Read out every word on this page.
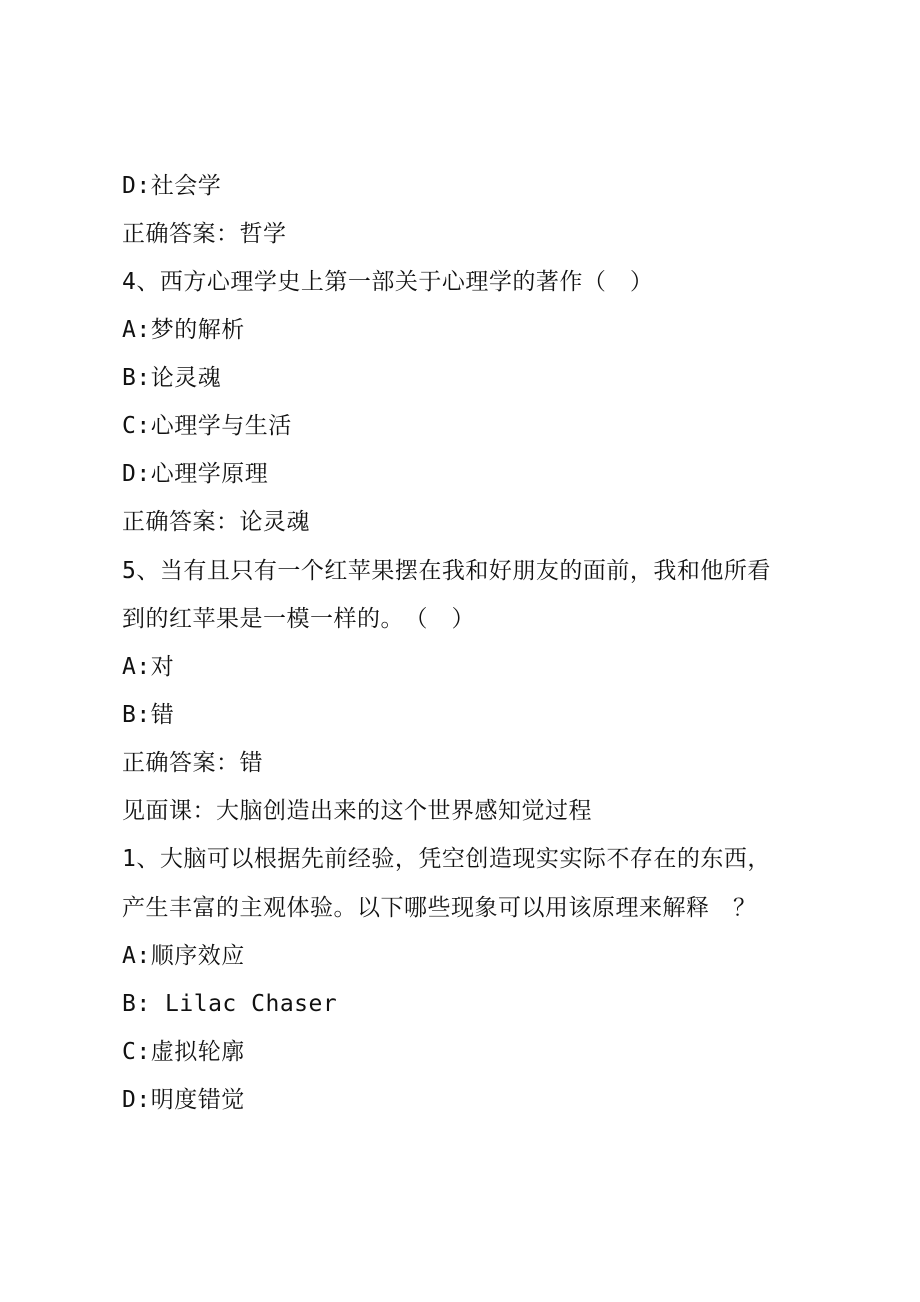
D:社会学
正确答案：哲学
4、西方心理学史上第一部关于心理学的著作（　）
A:梦的解析
B:论灵魂
C:心理学与生活
D:心理学原理
正确答案：论灵魂
5、当有且只有一个红苹果摆在我和好朋友的面前，我和他所看
到的红苹果是一模一样的。　（　）
A:对
B:错
正确答案：错
见面课：大脑创造出来的这个世界感知觉过程
1、大脑可以根据先前经验，凭空创造现实实际不存在的东西，
产生丰富的主观体验。以下哪些现象可以用该原理来解释　？
A:顺序效应
B: Lilac Chaser
C:虚拟轮廓
D:明度错觉
